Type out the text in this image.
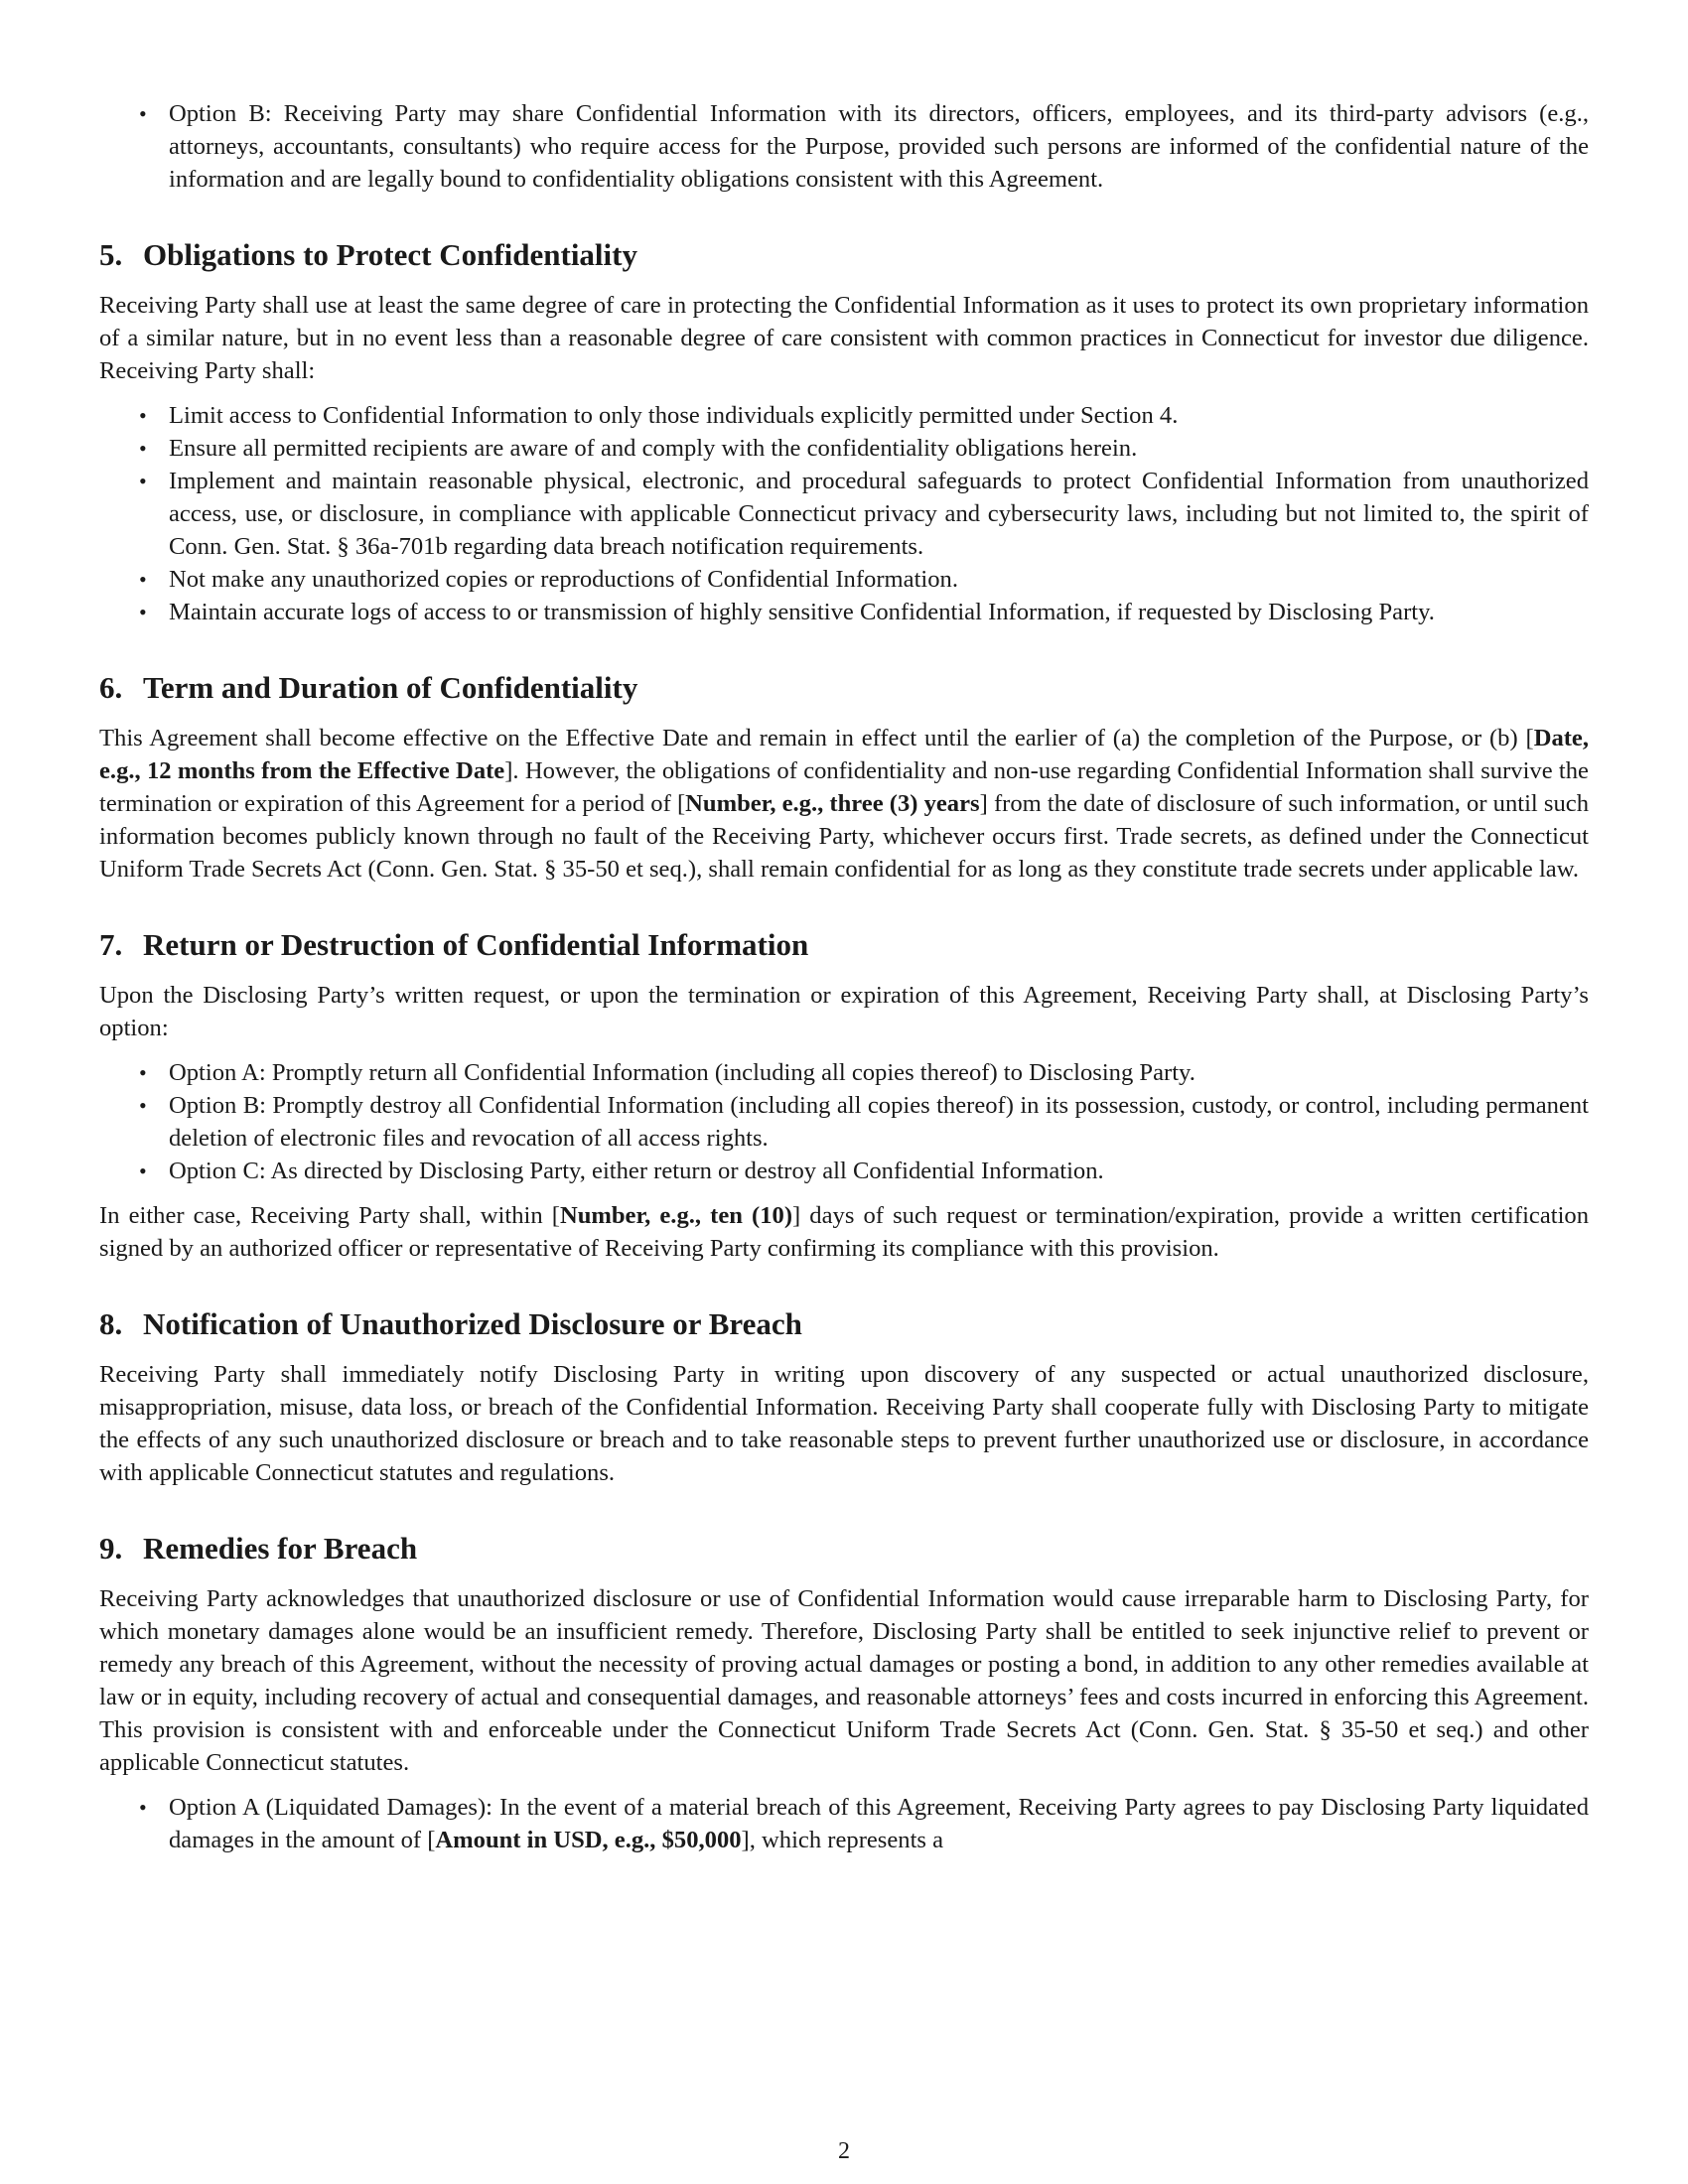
• Option B: Receiving Party may share Confidential Information with its directors, officers, employees, and its third-party advisors (e.g., attorneys, accountants, consultants) who require access for the Purpose, provided such persons are informed of the confidential nature of the information and are legally bound to confidentiality obligations consistent with this Agreement.
5. Obligations to Protect Confidentiality

Receiving Party shall use at least the same degree of care in protecting the Confidential Information as it uses to protect its own proprietary information of a similar nature, but in no event less than a reasonable degree of care consistent with common practices in Connecticut for investor due diligence. Receiving Party shall:

• Limit access to Confidential Information to only those individuals explicitly permitted under Section 4.
• Ensure all permitted recipients are aware of and comply with the confidentiality obligations herein.
• Implement and maintain reasonable physical, electronic, and procedural safeguards to protect Confidential Information from unauthorized access, use, or disclosure, in compliance with applicable Connecticut privacy and cybersecurity laws, including but not limited to, the spirit of Conn. Gen. Stat. § 36a-701b regarding data breach notification requirements.
• Not make any unauthorized copies or reproductions of Confidential Information.
• Maintain accurate logs of access to or transmission of highly sensitive Confidential Information, if requested by Disclosing Party.
6. Term and Duration of Confidentiality

This Agreement shall become effective on the Effective Date and remain in effect until the earlier of (a) the completion of the Purpose, or (b) [Date, e.g., 12 months from the Effective Date]. However, the obligations of confidentiality and non-use regarding Confidential Information shall survive the termination or expiration of this Agreement for a period of [Number, e.g., three (3) years] from the date of disclosure of such information, or until such information becomes publicly known through no fault of the Receiving Party, whichever occurs first. Trade secrets, as defined under the Connecticut Uniform Trade Secrets Act (Conn. Gen. Stat. § 35-50 et seq.), shall remain confidential for as long as they constitute trade secrets under applicable law.

7. Return or Destruction of Confidential Information

Upon the Disclosing Party’s written request, or upon the termination or expiration of this Agreement, Receiving Party shall, at Disclosing Party’s option:

• Option A: Promptly return all Confidential Information (including all copies thereof) to Disclosing Party.
• Option B: Promptly destroy all Confidential Information (including all copies thereof) in its possession, custody, or control, including permanent deletion of electronic files and revocation of all access rights.
• Option C: As directed by Disclosing Party, either return or destroy all Confidential Information.

In either case, Receiving Party shall, within [Number, e.g., ten (10)] days of such request or termination/expiration, provide a written certification signed by an authorized officer or representative of Receiving Party confirming its compliance with this provision.

8. Notification of Unauthorized Disclosure or Breach

Receiving Party shall immediately notify Disclosing Party in writing upon discovery of any suspected or actual unauthorized disclosure, misappropriation, misuse, data loss, or breach of the Confidential Information. Receiving Party shall cooperate fully with Disclosing Party to mitigate the effects of any such unauthorized disclosure or breach and to take reasonable steps to prevent further unauthorized use or disclosure, in accordance with applicable Connecticut statutes and regulations.

9. Remedies for Breach

Receiving Party acknowledges that unauthorized disclosure or use of Confidential Information would cause irreparable harm to Disclosing Party, for which monetary damages alone would be an insufficient remedy. Therefore, Disclosing Party shall be entitled to seek injunctive relief to prevent or remedy any breach of this Agreement, without the necessity of proving actual damages or posting a bond, in addition to any other remedies available at law or in equity, including recovery of actual and consequential damages, and reasonable attorneys’ fees and costs incurred in enforcing this Agreement. This provision is consistent with and enforceable under the Connecticut Uniform Trade Secrets Act (Conn. Gen. Stat. § 35-50 et seq.) and other applicable Connecticut statutes.

• Option A (Liquidated Damages): In the event of a material breach of this Agreement, Receiving Party agrees to pay Disclosing Party liquidated damages in the amount of [Amount in USD, e.g., $50,000], which represents a
2
